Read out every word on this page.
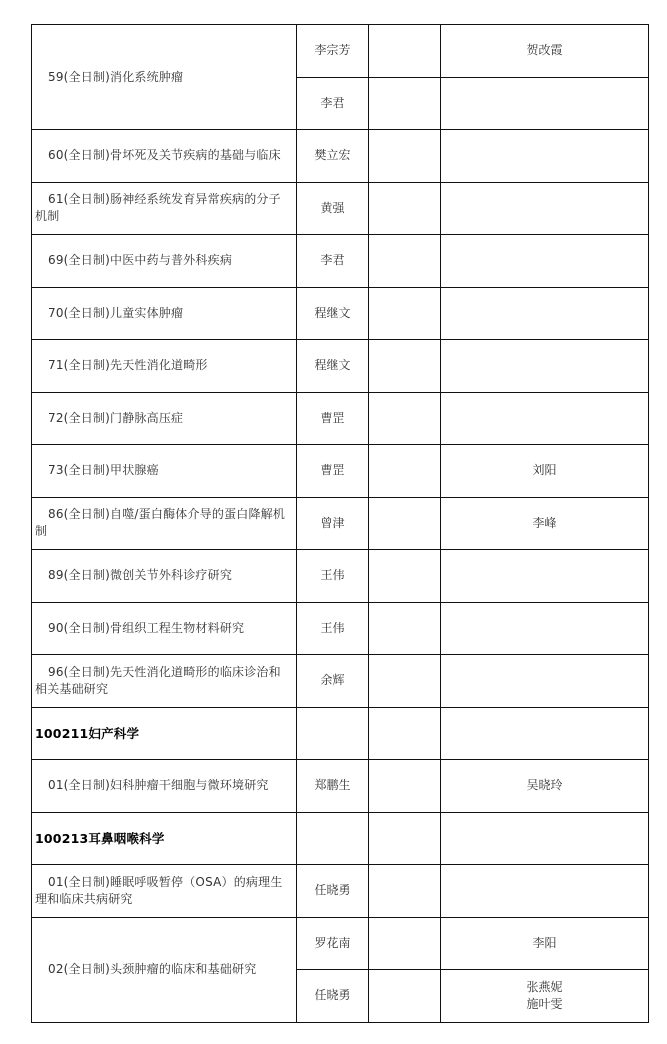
59(全日制)消化系统肿瘤	李宗芳		贺改霞
	李君		

60(全日制)骨坏死及关节疾病的基础与临床	樊立宏		

61(全日制)肠神经系统发育异常疾病的分子机制	黄强		

69(全日制)中医中药与普外科疾病	李君		

70(全日制)儿童实体肿瘤	程继文		

71(全日制)先天性消化道畸形	程继文		

72(全日制)门静脉高压症	曹罡		

73(全日制)甲状腺癌	曹罡		刘阳

86(全日制)自噬/蛋白酶体介导的蛋白降解机制	曾津		李峰

89(全日制)微创关节外科诊疗研究	王伟		

90(全日制)骨组织工程生物材料研究	王伟		

96(全日制)先天性消化道畸形的临床诊治和相关基础研究	余辉		

100211妇产科学			

01(全日制)妇科肿瘤干细胞与微环境研究	郑鹏生		吴晓玲

100213耳鼻咽喉科学			

01(全日制)睡眠呼吸暂停（OSA）的病理生理和临床共病研究	任晓勇		

02(全日制)头颈肿瘤的临床和基础研究	罗花南		李阳
	任晓勇		张燕妮
施叶雯
